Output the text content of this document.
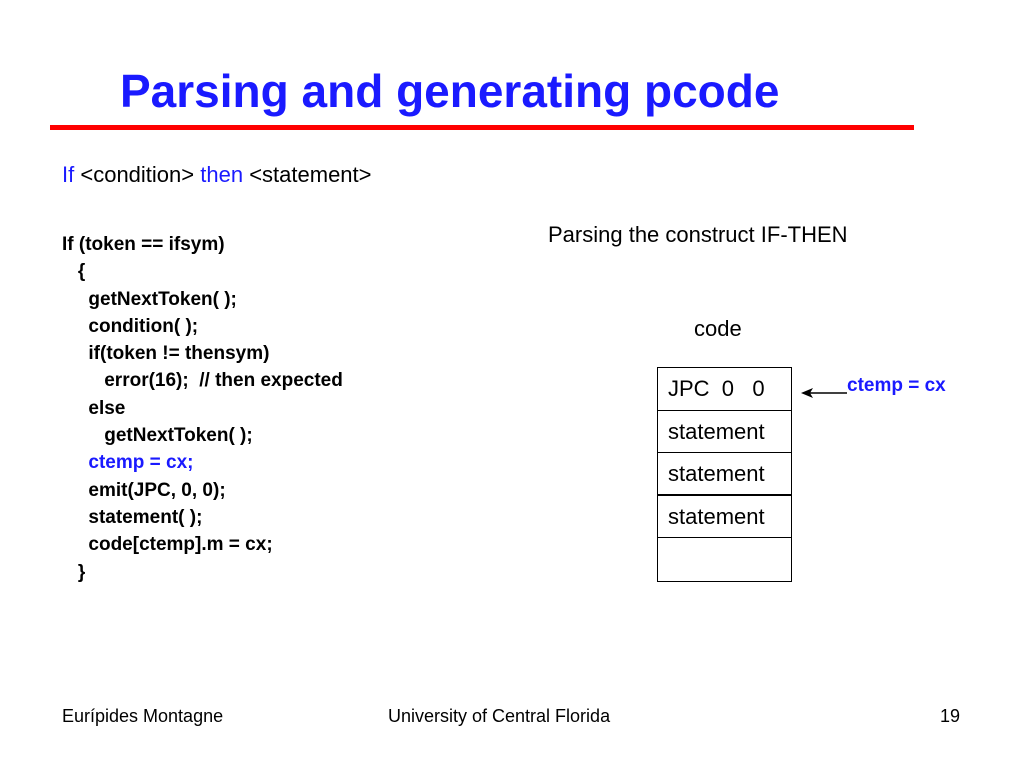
Parsing and generating pcode
If <condition> then <statement>
If (token == ifsym)
{
getNextToken( );
condition( );
if(token != thensym)
error(16);  // then expected
else
getNextToken( );
ctemp = cx;
emit(JPC, 0, 0);
statement( );
code[ctemp].m = cx;
}
Parsing the construct IF-THEN
code
JPC  0   0
statement
statement
statement
ctemp = cx
Eurípides Montagne	University of Central Florida	19
